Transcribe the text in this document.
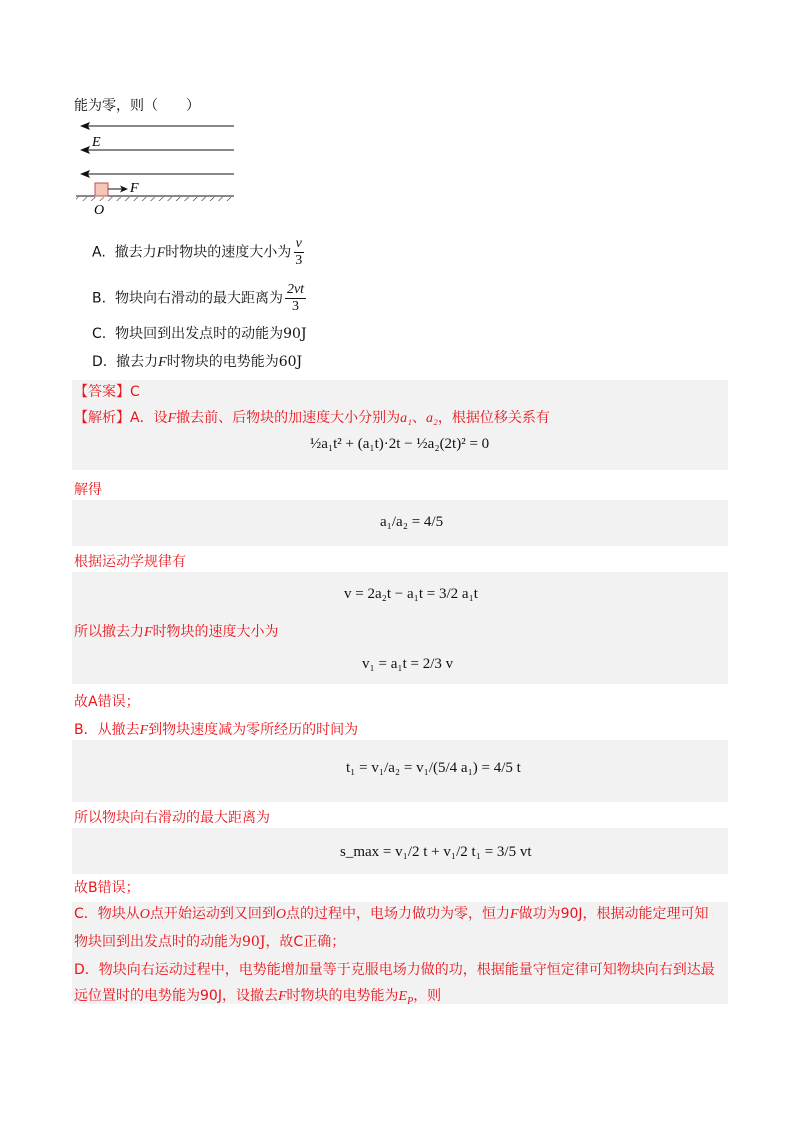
能为零，则（　　）
E
F
O
A. 撤去力F时物块的速度大小为 $\frac{v}{3}$
B. 物块向右滑动的最大距离为 $\frac{2vt}{3}$
C. 物块回到出发点时的动能为90J
D. 撤去力F时物块的电势能为60J
【答案】C
【解析】A．设F撤去前、后物块的加速度大小分别为a₁、a₂，根据位移关系有
½a₁t² + (a₁t)·2t − ½a₂(2t)² = 0
解得
a₁/a₂ = 4/5
根据运动学规律有
v = 2a₂t − a₁t = 3/2 a₁t
所以撤去力F时物块的速度大小为
v₁ = a₁t = 2/3 v
故A错误；
B．从撤去F到物块速度减为零所经历的时间为
t₁ = v₁/a₂ = v₁/(5/4 a₁) = 4/5 t
所以物块向右滑动的最大距离为
s_max = v₁/2 t + v₁/2 t₁ = 3/5 vt
故B错误；
C．物块从O点开始运动到又回到O点的过程中，电场力做功为零，恒力F做功为90J，根据动能定理可知
物块回到出发点时的动能为90J，故C正确；
D．物块向右运动过程中，电势能增加量等于克服电场力做的功，根据能量守恒定律可知物块向右到达最
远位置时的电势能为90J，设撤去F时物块的电势能为$E_P$，则
